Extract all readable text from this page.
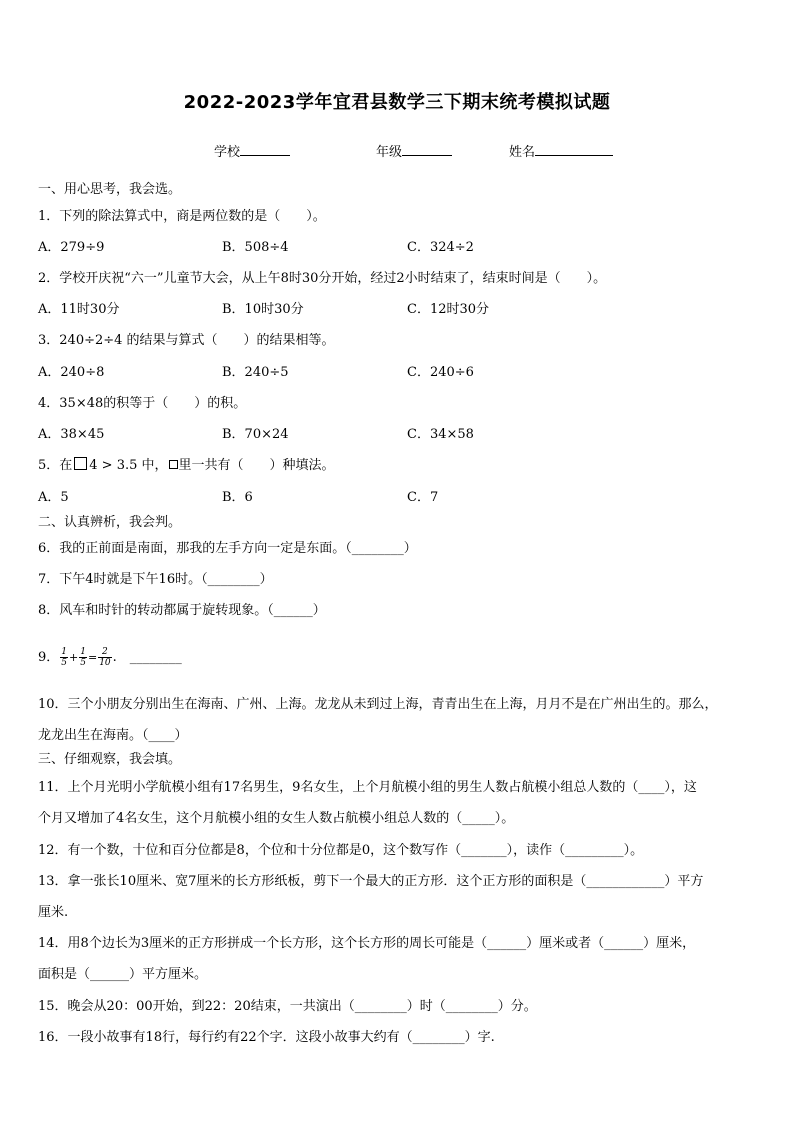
2022-2023学年宜君县数学三下期末统考模拟试题
学校	年级	姓名
一、用心思考，我会选。
1．下列的除法算式中，商是两位数的是（　　）。
A．279÷9	B．508÷4	C．324÷2
2．学校开庆祝“六一”儿童节大会，从上午8时30分开始，经过2小时结束了，结束时间是（　　）。
A．11时30分	B．10时30分	C．12时30分
3．240÷2÷4 的结果与算式（　　）的结果相等。
A．240÷8	B．240÷5	C．240÷6
4．35×48的积等于（　　）的积。
A．38×45	B．70×24	C．34×58
5．在 4 > 3.5 中， 里一共有（　　）种填法。
A．5	B．6	C．7
二、认真辨析，我会判。
6．我的正前面是南面，那我的左手方向一定是东面。（________）
7．下午4时就是下午16时。（________）
8．风车和时针的转动都属于旋转现象。（______）
9． $\frac{1}{5} + \frac{1}{5} = \frac{2}{10}$ .　________
10．三个小朋友分别出生在海南、广州、上海。龙龙从未到过上海，青青出生在上海，月月不是在广州出生的。那么，
龙龙出生在海南。（____）
三、仔细观察，我会填。
11．上个月光明小学航模小组有17名男生，9名女生，上个月航模小组的男生人数占航模小组总人数的（____），这
个月又增加了4名女生，这个月航模小组的女生人数占航模小组总人数的（_____）。
12．有一个数，十位和百分位都是8，个位和十分位都是0，这个数写作（_______），读作（_________）。
13．拿一张长10厘米、宽7厘米的长方形纸板，剪下一个最大的正方形．这个正方形的面积是（____________）平方
厘米.
14．用8个边长为3厘米的正方形拼成一个长方形，这个长方形的周长可能是（______）厘米或者（______）厘米，
面积是（______）平方厘米。
15．晚会从20：00开始，到22：20结束，一共演出（________）时（________）分。
16．一段小故事有18行，每行约有22个字．这段小故事大约有（________）字.
